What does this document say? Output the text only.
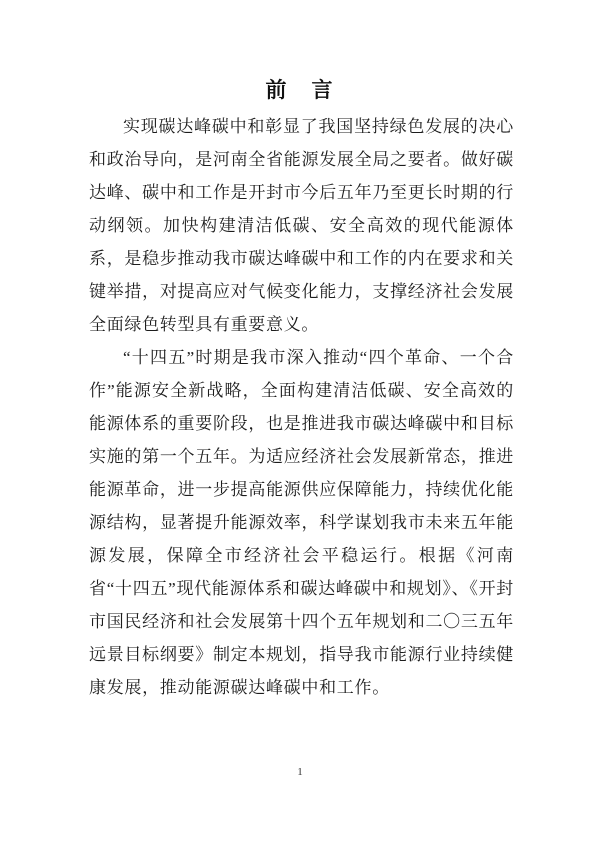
前　言

实现碳达峰碳中和彰显了我国坚持绿色发展的决心和政治导向，是河南全省能源发展全局之要者。做好碳达峰、碳中和工作是开封市今后五年乃至更长时期的行动纲领。加快构建清洁低碳、安全高效的现代能源体系，是稳步推动我市碳达峰碳中和工作的内在要求和关键举措，对提高应对气候变化能力，支撑经济社会发展全面绿色转型具有重要意义。

“十四五”时期是我市深入推动“四个革命、一个合作”能源安全新战略，全面构建清洁低碳、安全高效的能源体系的重要阶段，也是推进我市碳达峰碳中和目标实施的第一个五年。为适应经济社会发展新常态，推进能源革命，进一步提高能源供应保障能力，持续优化能源结构，显著提升能源效率，科学谋划我市未来五年能源发展，保障全市经济社会平稳运行。根据《河南省“十四五”现代能源体系和碳达峰碳中和规划》、《开封市国民经济和社会发展第十四个五年规划和二〇三五年远景目标纲要》制定本规划，指导我市能源行业持续健康发展，推动能源碳达峰碳中和工作。

1
